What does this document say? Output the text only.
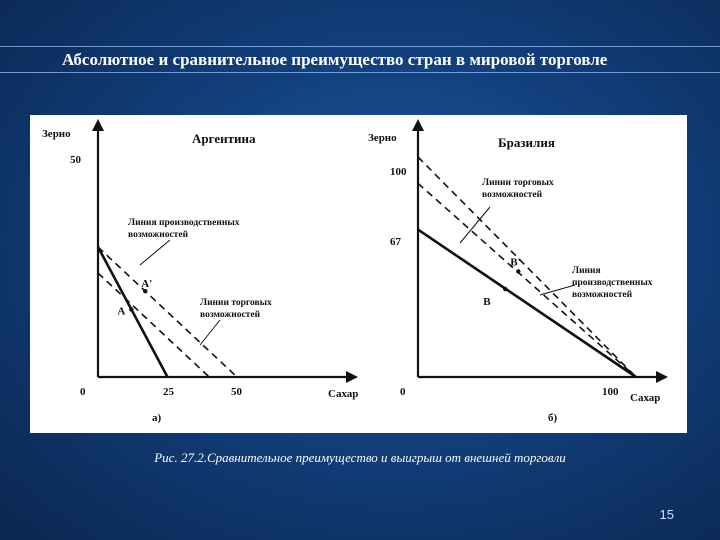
Абсолютное и сравнительное преимущество стран в мировой торговле
Аргентина
Зерно
Сахар
а)
0	25	50
50
A
A'
Линия производственных
возможностей
Линии торговых
возможностей
Бразилия
Зерно
Сахар
б)
0	100
100
67
B
B'
Линии торговых
возможностей
Линия
производственных
возможностей
Рис. 27.2.Сравнительное преимущество и выигрыш от внешней торговли
15
